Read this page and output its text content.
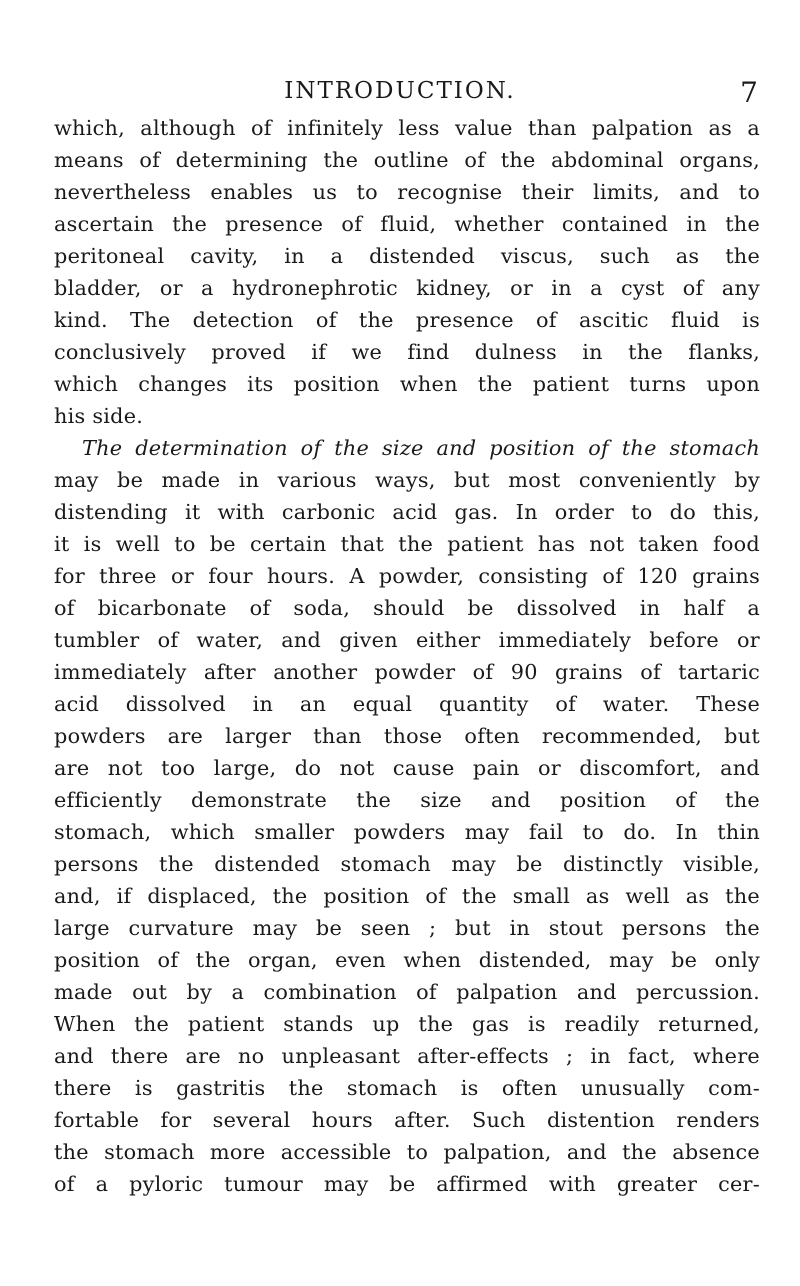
INTRODUCTION.	7
which, although of infinitely less value than palpation as a
means of determining the outline of the abdominal organs,
nevertheless enables us to recognise their limits, and to
ascertain the presence of fluid, whether contained in the
peritoneal cavity, in a distended viscus, such as the
bladder, or a hydronephrotic kidney, or in a cyst of any
kind. The detection of the presence of ascitic fluid is
conclusively proved if we find dulness in the flanks,
which changes its position when the patient turns upon
his side.
The determination of the size and position of the stomach
may be made in various ways, but most conveniently by
distending it with carbonic acid gas. In order to do this,
it is well to be certain that the patient has not taken food
for three or four hours. A powder, consisting of 120 grains
of bicarbonate of soda, should be dissolved in half a
tumbler of water, and given either immediately before or
immediately after another powder of 90 grains of tartaric
acid dissolved in an equal quantity of water. These
powders are larger than those often recommended, but
are not too large, do not cause pain or discomfort, and
efficiently demonstrate the size and position of the
stomach, which smaller powders may fail to do. In thin
persons the distended stomach may be distinctly visible,
and, if displaced, the position of the small as well as the
large curvature may be seen ; but in stout persons the
position of the organ, even when distended, may be only
made out by a combination of palpation and percussion.
When the patient stands up the gas is readily returned,
and there are no unpleasant after-effects ; in fact, where
there is gastritis the stomach is often unusually com-
fortable for several hours after. Such distention renders
the stomach more accessible to palpation, and the absence
of a pyloric tumour may be affirmed with greater cer-
